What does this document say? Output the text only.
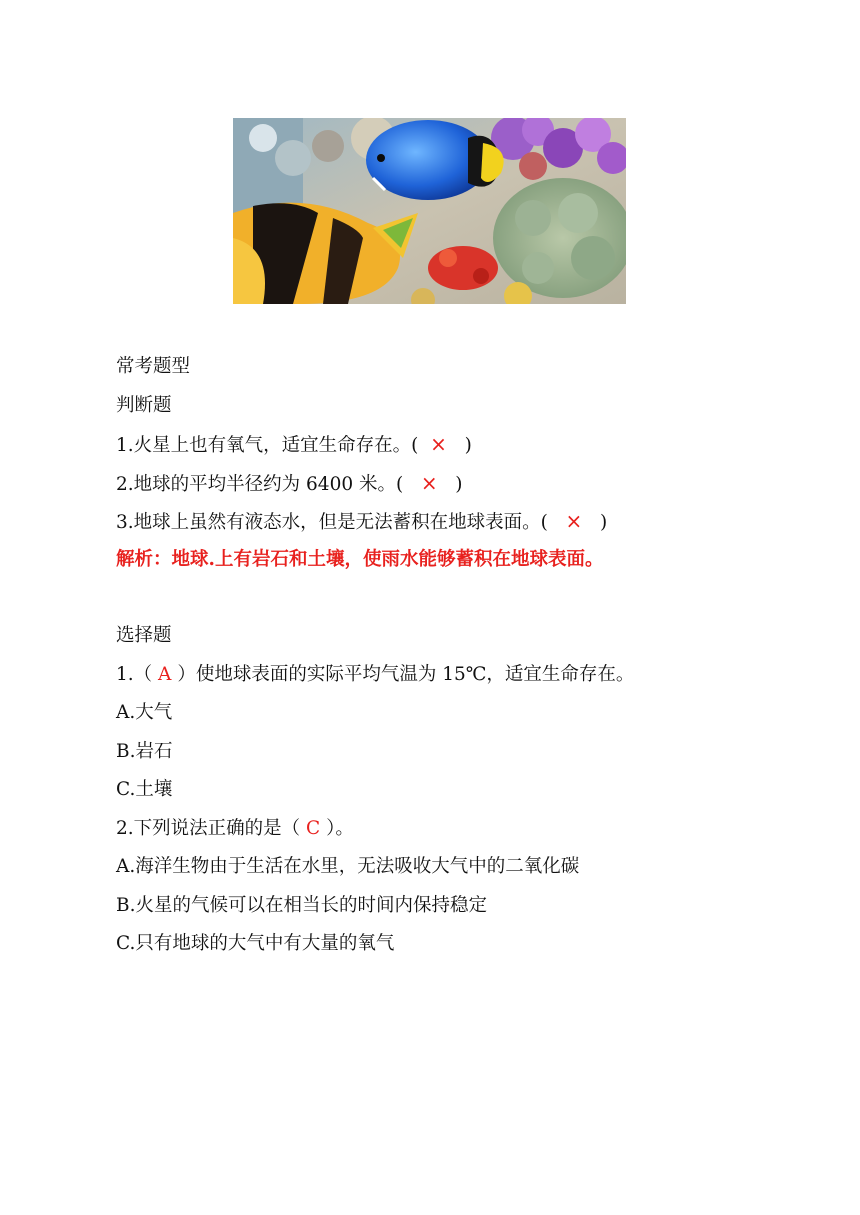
常考题型
判断题
1.火星上也有氧气，适宜生命存在。( × )
2.地球的平均半径约为 6400 米。( × )
3.地球上虽然有液态水，但是无法蓄积在地球表面。( × )
解析：地球.上有岩石和土壤，使雨水能够蓄积在地球表面。
选择题
1.（ A ）使地球表面的实际平均气温为 15℃，适宜生命存在。
A.大气
B.岩石
C.土壤
2.下列说法正确的是（ C ）。
A.海洋生物由于生活在水里，无法吸收大气中的二氧化碳
B.火星的气候可以在相当长的时间内保持稳定
C.只有地球的大气中有大量的氧气
